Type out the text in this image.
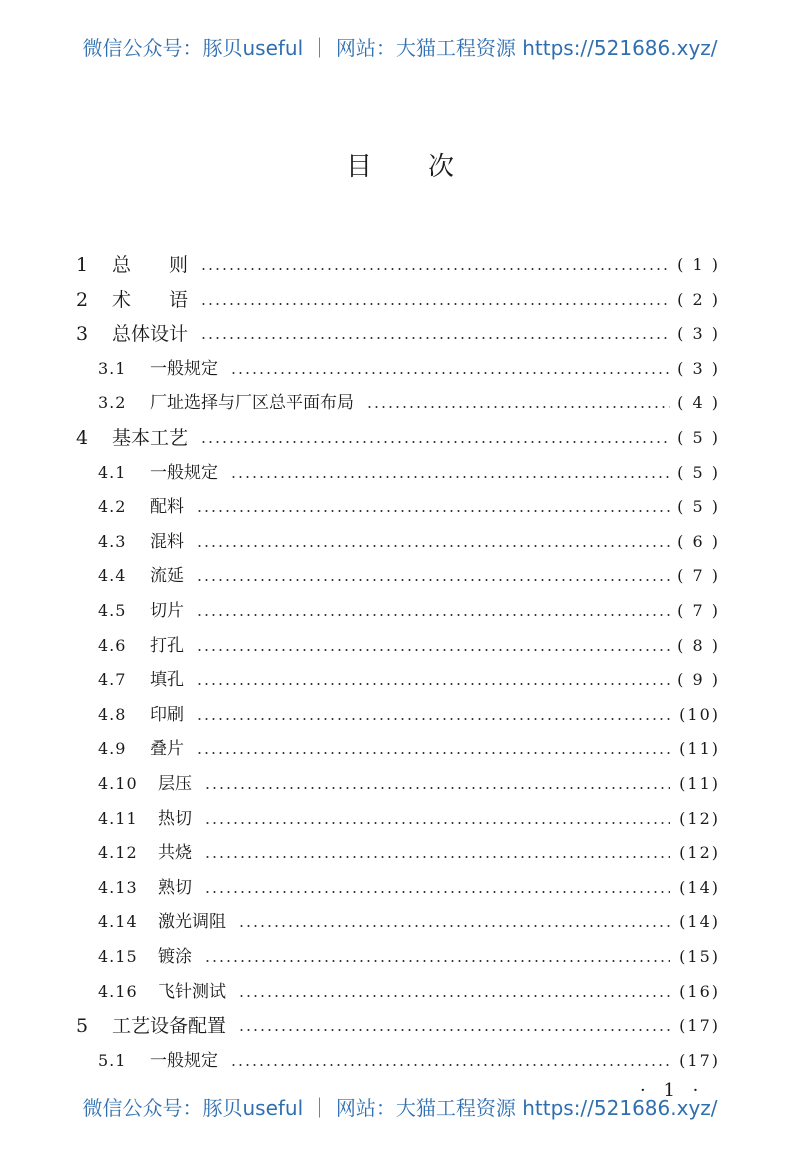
微信公众号：豚贝useful ｜ 网站：大猫工程资源 https://521686.xyz/
目次
1	总　　则	( 1 )
2	术　　语	( 2 )
3	总体设计	( 3 )
3.1	一般规定	( 3 )
3.2	厂址选择与厂区总平面布局	( 4 )
4	基本工艺	( 5 )
4.1	一般规定	( 5 )
4.2	配料	( 5 )
4.3	混料	( 6 )
4.4	流延	( 7 )
4.5	切片	( 7 )
4.6	打孔	( 8 )
4.7	填孔	( 9 )
4.8	印刷	(10)
4.9	叠片	(11)
4.10	层压	(11)
4.11	热切	(12)
4.12	共烧	(12)
4.13	熟切	(14)
4.14	激光调阻	(14)
4.15	镀涂	(15)
4.16	飞针测试	(16)
5	工艺设备配置	(17)
5.1	一般规定	(17)
· 1 ·
微信公众号：豚贝useful ｜ 网站：大猫工程资源 https://521686.xyz/
